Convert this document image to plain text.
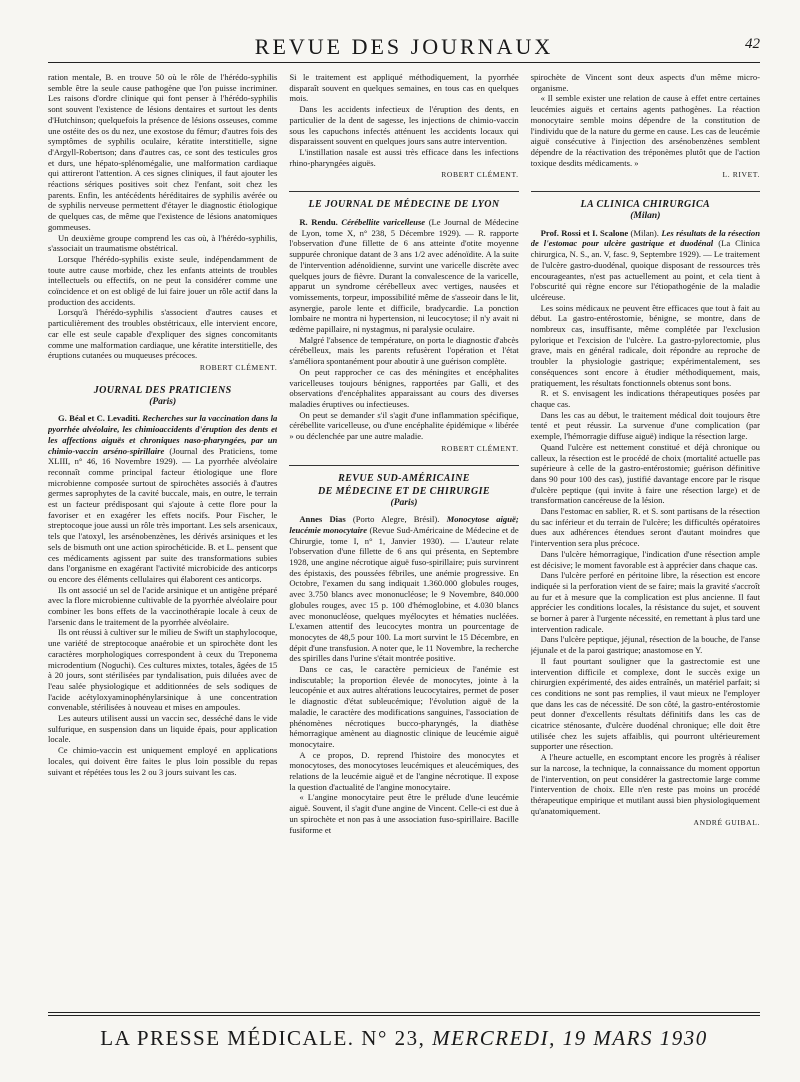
REVUE DES JOURNAUX	42

ration mentale, B. en trouve 50 où le rôle de l'hérédo-syphilis semble être la seule cause pathogène que l'on puisse incriminer. Les raisons d'ordre clinique qui font penser à l'hérédo-syphilis sont souvent l'existence de lésions dentaires et surtout les dents d'Hutchinson; quelquefois la présence de lésions osseuses, comme une ostéite des os du nez, une exostose du fémur; d'autres fois des symptômes de syphilis oculaire, kératite interstitielle, signe d'Argyll-Robertson; dans d'autres cas, ce sont des testicules gros et durs, une hépato-splénomégalie, une malformation cardiaque qui attireront l'attention. A ces signes cliniques, il faut ajouter les réactions sériques positives soit chez l'enfant, soit chez les parents. Enfin, les antécédents héréditaires de syphilis avérée ou de syphilis nerveuse permettent d'étayer le diagnostic étiologique de quelques cas, de même que l'existence de lésions anatomiques gommeuses.

Un deuxième groupe comprend les cas où, à l'hérédo-syphilis, s'associait un traumatisme obstétrical.

Lorsque l'hérédo-syphilis existe seule, indépendamment de toute autre cause morbide, chez les enfants atteints de troubles intellectuels ou effectifs, on ne peut la considérer comme une coïncidence et on est obligé de lui faire jouer un rôle actif dans la production des accidents.

Lorsqu'à l'hérédo-syphilis s'associent d'autres causes et particulièrement des troubles obstétricaux, elle intervient encore, car elle est seule capable d'expliquer des signes concomitants comme une malformation cardiaque, une kératite interstitielle, des éruptions cutanées ou muqueuses précoces.

ROBERT CLÉMENT.
JOURNAL DES PRATICIENS
(Paris)

G. Béal et C. Levaditi. Recherches sur la vaccination dans la pyorrhée alvéolaire, les chimioaccidents d'éruption des dents et les affections aiguës et chroniques naso-pharyngées, par un chimio-vaccin arséno-spirillaire (Journal des Praticiens, tome XLIII, n° 46, 16 Novembre 1929). — La pyorrhée alvéolaire reconnaît comme principal facteur étiologique une flore microbienne composée surtout de spirochètes associés à d'autres germes saprophytes de la cavité buccale, mais, en outre, le terrain est un facteur prédisposant qui s'ajoute à cette flore pour la favoriser et en exagérer les effets nocifs. Pour Fischer, le streptocoque joue aussi un rôle très important. Les sels arsenicaux, tels que l'atoxyl, les arsénobenzènes, les dérivés arsiniques et les sels de bismuth ont une action spirochéticide. B. et L. pensent que ces médicaments agissent par suite des transformations subies dans l'organisme en exagérant l'activité microbicide des anticorps ou encore des éléments cellulaires qui élaborent ces anticorps.

Ils ont associé un sel de l'acide arsinique et un antigène préparé avec la flore microbienne cultivable de la pyorrhée alvéolaire pour combiner les bons effets de la vaccinothérapie locale à ceux de l'arsenic dans le traitement de la pyorrhée alvéolaire.

Ils ont réussi à cultiver sur le milieu de Swift un staphylocoque, une variété de streptocoque anaérobie et un spirochète dont les caractères morphologiques correspondent à ceux du Treponema microdentium (Noguchi). Ces cultures mixtes, totales, âgées de 15 à 20 jours, sont stérilisées par tyndalisation, puis diluées avec de l'eau salée physiologique et additionnées de sels sodiques de l'acide acétyloxyaminophénylarsinique à une concentration convenable, stérilisées à nouveau et mises en ampoules.

Les auteurs utilisent aussi un vaccin sec, desséché dans le vide sulfurique, en suspension dans un liquide épais, pour application locale.

Ce chimio-vaccin est uniquement employé en applications locales, qui doivent être faites le plus loin possible du repas suivant et répétées tous les 2 ou 3 jours suivant les cas.

Si le traitement est appliqué méthodiquement, la pyorrhée disparaît souvent en quelques semaines, en tous cas en quelques mois.

Dans les accidents infectieux de l'éruption des dents, en particulier de la dent de sagesse, les injections de chimio-vaccin sous les capuchons infectés atténuent les accidents locaux qui disparaissent souvent en quelques jours sans autre intervention.

L'instillation nasale est aussi très efficace dans les infections rhino-pharyngées aiguës.

ROBERT CLÉMENT.
LE JOURNAL DE MÉDECINE DE LYON

R. Rendu. Cérébellite varicelleuse (Le Journal de Médecine de Lyon, tome X, n° 238, 5 Décembre 1929). — R. rapporte l'observation d'une fillette de 6 ans atteinte d'otite moyenne suppurée chronique datant de 3 ans 1/2 avec adénoïdite. A la suite de l'intervention adénoïdienne, survint une varicelle discrète avec quelques jours de fièvre. Durant la convalescence de la varicelle, apparut un syndrome cérébelleux avec vertiges, nausées et vomissements, torpeur, impossibilité même de s'asseoir dans le lit, asynergie, parole lente et difficile, bradycardie. La ponction lombaire ne montra ni hypertension, ni leucocytose; il n'y avait ni œdème papillaire, ni nystagmus, ni paralysie oculaire.

Malgré l'absence de température, on porta le diagnostic d'abcès cérébelleux, mais les parents refusèrent l'opération et l'état s'améliora spontanément pour aboutir à une guérison complète.

On peut rapprocher ce cas des méningites et encéphalites varicelleuses toujours bénignes, rapportées par Galli, et des observations d'encéphalites apparaissant au cours des diverses maladies éruptives ou infectieuses.

On peut se demander s'il s'agit d'une inflammation spécifique, cérébellite varicelleuse, ou d'une encéphalite épidémique « libérée » ou déclenchée par une autre maladie.

ROBERT CLÉMENT.
REVUE SUD-AMÉRICAINE
DE MÉDECINE ET DE CHIRURGIE
(Paris)

Annes Dias (Porto Alegre, Brésil). Monocytose aiguë; leucémie monocytaire (Revue Sud-Américaine de Médecine et de Chirurgie, tome I, n° 1, Janvier 1930). — L'auteur relate l'observation d'une fillette de 6 ans qui présenta, en Septembre 1928, une angine nécrotique aiguë fuso-spirillaire; puis survinrent des épistaxis, des poussées fébriles, une anémie progressive. En Octobre, l'examen du sang indiquait 1.360.000 globules rouges, avec 3.750 blancs avec mononucléose; le 9 Novembre, 840.000 globules rouges, avec 15 p. 100 d'hémoglobine, et 4.030 blancs avec mononucléose, quelques myélocytes et hématies nucléées. L'examen attentif des leucocytes montra un pourcentage de monocytes de 48,5 pour 100. La mort survint le 15 Décembre, en dépit d'une transfusion. A noter que, le 11 Novembre, la recherche des spirilles dans l'urine s'était montrée positive.

Dans ce cas, le caractère pernicieux de l'anémie est indiscutable; la proportion élevée de monocytes, jointe à la leucopénie et aux autres altérations leucocytaires, permet de poser le diagnostic d'état subleucémique; l'évolution aiguë de la maladie, le caractère des modifications sanguines, l'association de phénomènes nécrotiques bucco-pharyngés, la diathèse hémorragique amènent au diagnostic clinique de leucémie aiguë monocytaire.

A ce propos, D. reprend l'histoire des monocytes et monocytoses, des monocytoses leucémiques et aleucémiques, des relations de la leucémie aiguë et de l'angine nécrotique. Il expose la question d'actualité de l'angine monocytaire.

« L'angine monocytaire peut être le prélude d'une leucémie aiguë. Souvent, il s'agit d'une angine de Vincent. Celle-ci est due à un spirochète et non pas à une association fuso-spirillaire. Bacille fusiforme et

spirochète de Vincent sont deux aspects d'un même micro-organisme.

« Il semble exister une relation de cause à effet entre certaines leucémies aiguës et certains agents pathogènes. La réaction monocytaire semble moins dépendre de la constitution de l'individu que de la nature du germe en cause. Les cas de leucémie aiguë consécutive à l'injection des arsénobenzènes semblent dépendre de la réactivation des tréponèmes plutôt que de l'action toxique desdits médicaments. »

L. RIVET.
LA CLINICA CHIRURGICA
(Milan)

Prof. Rossi et I. Scalone (Milan). Les résultats de la résection de l'estomac pour ulcère gastrique et duodénal (La Clinica chirurgica, N. S., an. V, fasc. 9, Septembre 1929). — Le traitement de l'ulcère gastro-duodénal, quoique disposant de ressources très encourageantes, n'est pas actuellement au point, et cela tient à l'obscurité qui règne encore sur l'étiopathogénie de la maladie ulcéreuse.

Les soins médicaux ne peuvent être efficaces que tout à fait au début. La gastro-entérostomie, bénigne, se montre, dans de nombreux cas, insuffisante, même complétée par l'exclusion pylorique et l'excision de l'ulcère. La gastro-pylorectomie, plus grave, mais en général radicale, doit répondre au reproche de troubler la physiologie gastrique; expérimentalement, ses conséquences sont encore à étudier méthodiquement, mais, pratiquement, les résultats fonctionnels obtenus sont bons.

R. et S. envisagent les indications thérapeutiques posées par chaque cas.

Dans les cas au début, le traitement médical doit toujours être tenté et peut réussir. La survenue d'une complication (par exemple, l'hémorragie diffuse aiguë) indique la résection large.

Quand l'ulcère est nettement constitué et déjà chronique ou calleux, la résection est le procédé de choix (mortalité actuelle pas supérieure à celle de la gastro-entérostomie; guérison définitive dans 90 pour 100 des cas), justifié davantage encore par le risque d'ulcère peptique (qui invite à faire une résection large) et de transformation cancéreuse de la lésion.

Dans l'estomac en sablier, R. et S. sont partisans de la résection du sac inférieur et du terrain de l'ulcère; les difficultés opératoires dues aux adhérences étendues seront d'autant moindres que l'intervention sera plus précoce.

Dans l'ulcère hémorragique, l'indication d'une résection ample est décisive; le moment favorable est à apprécier dans chaque cas.

Dans l'ulcère perforé en péritoine libre, la résection est encore indiquée si la perforation vient de se faire; mais la gravité s'accroît au fur et à mesure que la complication est plus ancienne. Il faut apprécier les conditions locales, la résistance du sujet, et souvent se borner à parer à l'urgente nécessité, en remettant à plus tard une intervention radicale.

Dans l'ulcère peptique, jéjunal, résection de la bouche, de l'anse jéjunale et de la paroi gastrique; anastomose en Y.

Il faut pourtant souligner que la gastrectomie est une intervention difficile et complexe, dont le succès exige un chirurgien expérimenté, des aides entraînés, un matériel parfait; si ces conditions ne sont pas remplies, il vaut mieux ne l'employer que dans les cas de nécessité. De son côté, la gastro-entérostomie peut donner d'excellents résultats définitifs dans les cas de cicatrice sténosante, d'ulcère duodénal chronique; elle doit être utilisée chez les sujets affaiblis, qui pourront ultérieurement supporter une résection.

A l'heure actuelle, en escomptant encore les progrès à réaliser sur la narcose, la technique, la connaissance du moment opportun de l'intervention, on peut considérer la gastrectomie large comme l'intervention de choix. Elle n'en reste pas moins un procédé thérapeutique empirique et mutilant aussi bien physiologiquement qu'anatomiquement.

ANDRÉ GUIBAL.
LA PRESSE MÉDICALE. N° 23, MERCREDI, 19 MARS 1930
